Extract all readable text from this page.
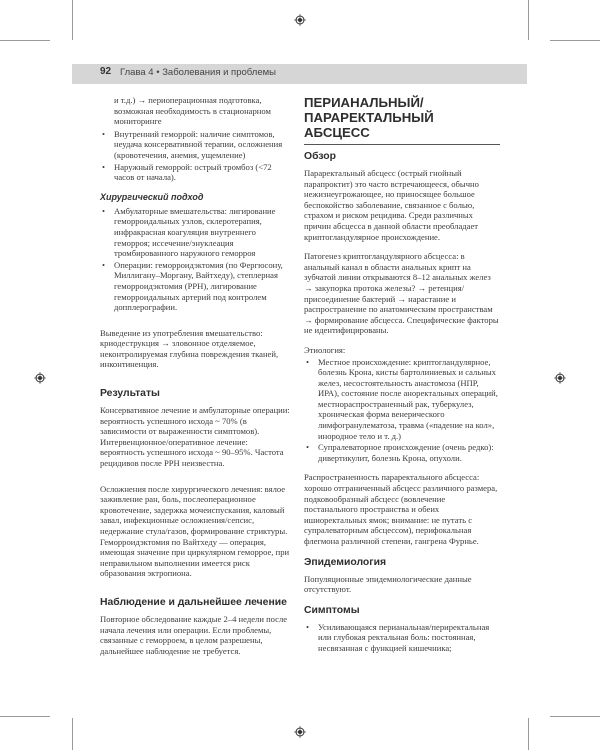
92 Глава 4 • Заболевания и проблемы

и т.д.) → периоперационная подготовка, возможная необходимость в стационарном мониторинге

• Внутренний геморрой: наличие симптомов, неудача консервативной терапии, осложнения (кровотечения, анемия, ущемление)
• Наружный геморрой: острый тромбоз (<72 часов от начала).
Хирургический подход
• Амбулаторные вмешательства: лигирование геморроидальных узлов, склеротерапия, инфракрасная коагуляция внутреннего геморроя; иссечение/энуклеация тромбированного наружного геморроя
• Операции: геморроидэктомия (по Фергюсону, Миллигану–Моргану, Вайтхеду), степлерная геморроидэктомия (PPH), лигирование геморроидальных артерий под контролем допплерографии.

Выведение из употребления вмешательство: криодеструкция → зловонное отделяемое, неконтролируемая глубина повреждения тканей, инконтиненция.

Результаты

Консервативное лечение и амбулаторные операции: вероятность успешного исхода ~ 70% (в зависимости от выраженности симптомов). Интервенционное/оперативное лечение: вероятность успешного исхода ~ 90–95%. Частота рецидивов после PPH неизвестна.

Осложнения после хирургического лечения: вялое заживление ран, боль, послеоперационное кровотечение, задержка мочеиспускания, каловый завал, инфекционные осложнения/сепсис, недержание стула/газов, формирование стриктуры. Геморроидэктомия по Вайтхеду — операция, имеющая значение при циркулярном геморрое, при неправильном выполнении имеется риск образования эктропиона.

Наблюдение и дальнейшее лечение

Повторное обследование каждые 2–4 недели после начала лечения или операции. Если проблемы, связанные с геморроем, в целом разрешены, дальнейшее наблюдение не требуется.

ПЕРИАНАЛЬНЫЙ/
ПАРАРЕКТАЛЬНЫЙ АБСЦЕСС
Обзор

Параректальный абсцесс (острый гнойный парапроктит) это часто встречающееся, обычно нежизнеугрожающее, но приносящее большое беспокойство заболевание, связанное с болью, страхом и риском рецидива. Среди различных причин абсцесса в данной области преобладает криптогландулярное происхождение.

Патогенез криптогландулярного абсцесса: в анальный канал в области анальных крипт на зубчатой линии открываются 8–12 анальных желез → закупорка протока железы? → ретенция/присоединение бактерий → нарастание и распространение по анатомическим пространствам → формирование абсцесса. Специфические факторы не идентифицированы.

Этиология:

• Местное происхождение: криптогландулярное, болезнь Крона, кисты бартолиниевых и сальных желез, несостоятельность анастомоза (НПР, ИРА), состояние после аноректальных операций, местнораспространенный рак, туберкулез, хроническая форма венерического лимфогранулематоза, травма («падение на кол», инородное тело и т. д.)
• Супралеваторное происхождение (очень редко): дивертикулит, болезнь Крона, опухоли.

Распространенность параректального абсцесса: хорошо отграниченный абсцесс различного размера, подковообразный абсцесс (вовлечение постанального пространства и обеих ишиоректальных ямок; внимание: не путать с супралеваторным абсцессом), перифокальная флегмона различной степени, гангрена Фурнье.

Эпидемиология

Популяционные эпидемиологические данные отсутствуют.

Симптомы
• Усиливающаяся перианальная/периректальная или глубокая ректальная боль: постоянная, несвязанная с функцией кишечника;
